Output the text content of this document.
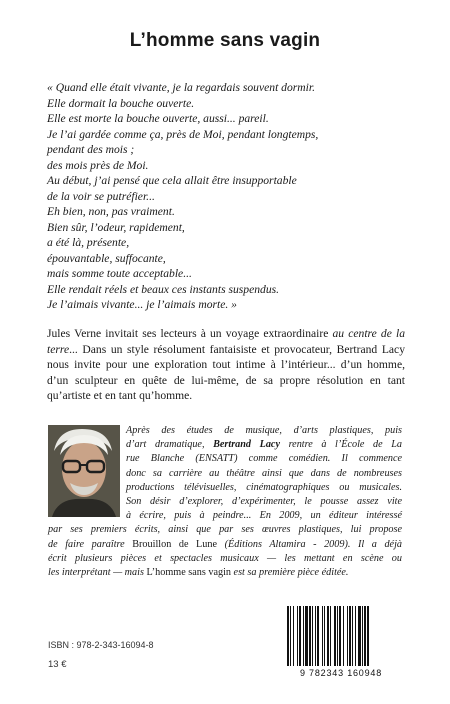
L’homme sans vagin
« Quand elle était vivante, je la regardais souvent dormir.
Elle dormait la bouche ouverte.
Elle est morte la bouche ouverte, aussi... pareil.
Je l’ai gardée comme ça, près de Moi, pendant longtemps,
pendant des mois ;
des mois près de Moi.
Au début, j’ai pensé que cela allait être insupportable
de la voir se putréfier...
Eh bien, non, pas vraiment.
Bien sûr, l’odeur, rapidement,
a été là, présente,
épouvantable, suffocante,
mais somme toute acceptable...
Elle rendait réels et beaux ces instants suspendus.
Je l’aimais vivante... je l’aimais morte. »

Jules Verne invitait ses lecteurs à un voyage extraordinaire au centre de la terre... Dans un style résolument fantaisiste et provocateur, Bertrand Lacy nous invite pour une exploration tout intime à l’intérieur... d’un homme, d’un sculpteur en quête de lui-même, de sa propre résolution en tant qu’artiste et en tant qu’homme.

Après des études de musique, d’arts plastiques, puis
d’art dramatique, Bertrand Lacy rentre à l’École de La
rue Blanche (ENSATT) comme comédien. Il commence
donc sa carrière au théâtre ainsi que dans de nombreuses
productions télévisuelles, cinématographiques ou musicales.
Son désir d’explorer, d’expérimenter, le pousse assez vite
à écrire, puis à peindre... En 2009, un éditeur intéressé
par ses premiers écrits, ainsi que par ses œuvres plastiques, lui propose
de faire paraître Brouillon de Lune (Éditions Altamira - 2009). Il a déjà
écrit plusieurs pièces et spectacles musicaux — les mettant en scène ou
les interprétant — mais L’homme sans vagin est sa première pièce éditée.
ISBN : 978-2-343-16094-8
13 €
9 782343 160948
